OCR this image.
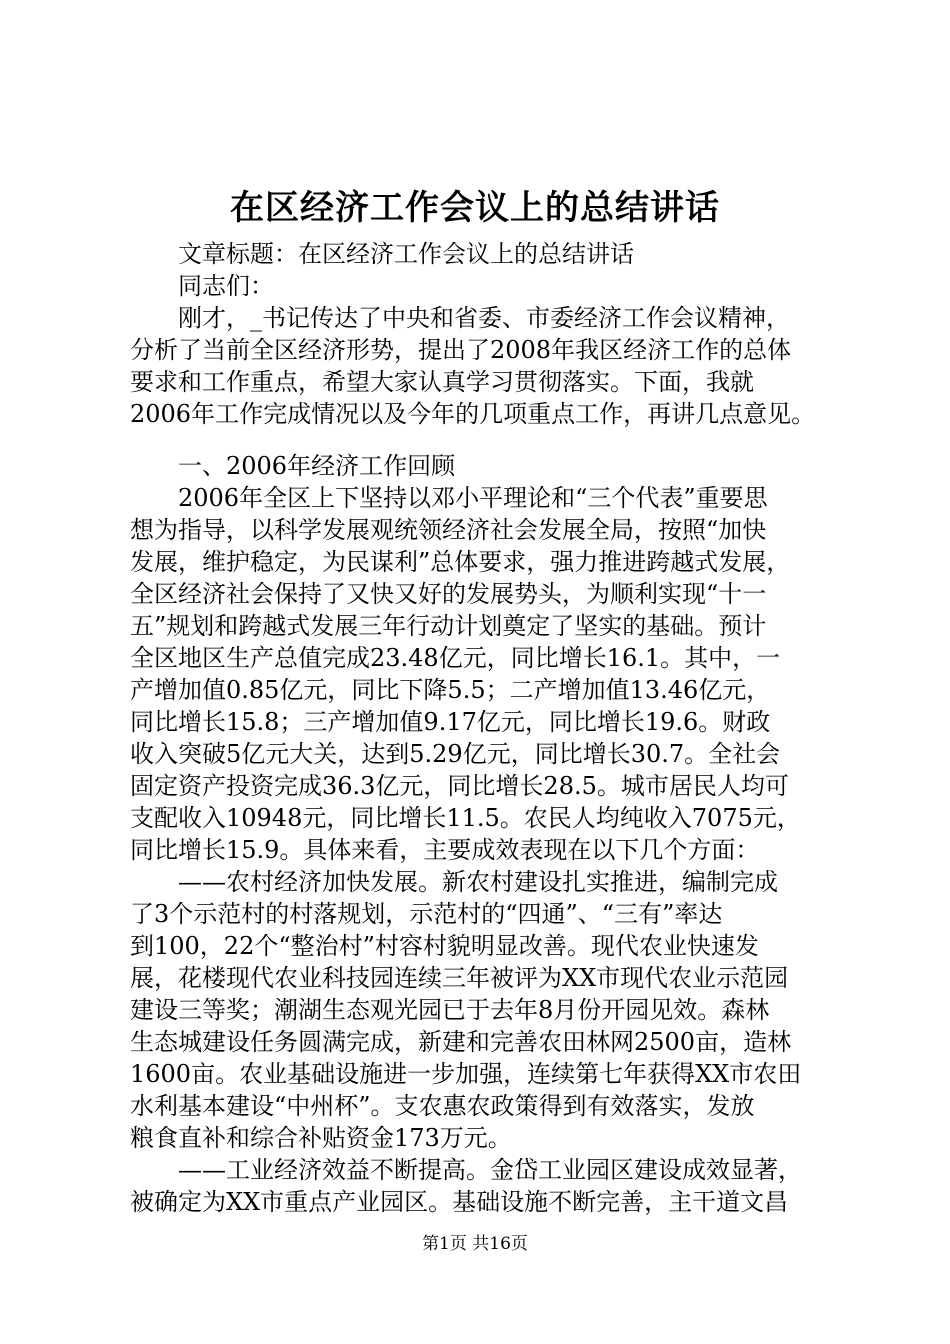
在区经济工作会议上的总结讲话
文章标题：在区经济工作会议上的总结讲话
同志们：
刚才，_书记传达了中央和省委、市委经济工作会议精神，
分析了当前全区经济形势，提出了2008年我区经济工作的总体
要求和工作重点，希望大家认真学习贯彻落实。下面，我就
2006年工作完成情况以及今年的几项重点工作，再讲几点意见。
一、2006年经济工作回顾
2006年全区上下坚持以邓小平理论和“三个代表”重要思
想为指导，以科学发展观统领经济社会发展全局，按照“加快
发展，维护稳定，为民谋利”总体要求，强力推进跨越式发展，
全区经济社会保持了又快又好的发展势头，为顺利实现“十一
五”规划和跨越式发展三年行动计划奠定了坚实的基础。预计
全区地区生产总值完成23.48亿元，同比增长16.1。其中，一
产增加值0.85亿元，同比下降5.5；二产增加值13.46亿元，
同比增长15.8；三产增加值9.17亿元，同比增长19.6。财政
收入突破5亿元大关，达到5.29亿元，同比增长30.7。全社会
固定资产投资完成36.3亿元，同比增长28.5。城市居民人均可
支配收入10948元，同比增长11.5。农民人均纯收入7075元，
同比增长15.9。具体来看，主要成效表现在以下几个方面：
——农村经济加快发展。新农村建设扎实推进，编制完成
了3个示范村的村落规划，示范村的“四通”、“三有”率达
到100，22个“整治村”村容村貌明显改善。现代农业快速发
展，花楼现代农业科技园连续三年被评为XX市现代农业示范园
建设三等奖；潮湖生态观光园已于去年8月份开园见效。森林
生态城建设任务圆满完成，新建和完善农田林网2500亩，造林
1600亩。农业基础设施进一步加强，连续第七年获得XX市农田
水利基本建设“中州杯”。支农惠农政策得到有效落实，发放
粮食直补和综合补贴资金173万元。
——工业经济效益不断提高。金岱工业园区建设成效显著，
被确定为XX市重点产业园区。基础设施不断完善，主干道文昌
第1页 共16页
